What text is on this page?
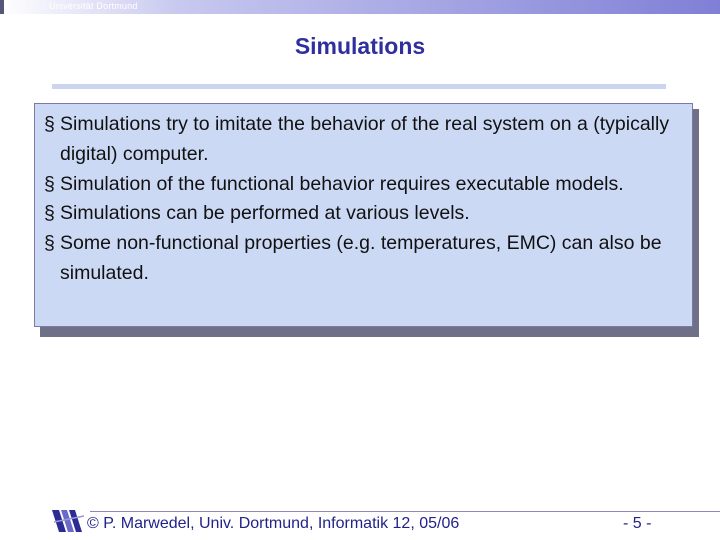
Universität Dortmund
Simulations
§ Simulations try to imitate the behavior of the real system on a (typically digital) computer.
§ Simulation of the functional behavior requires executable models.
§ Simulations can be performed at various levels.
§ Some non-functional properties (e.g. temperatures, EMC) can also be simulated.
© P. Marwedel, Univ. Dortmund, Informatik 12, 05/06	- 5 -
